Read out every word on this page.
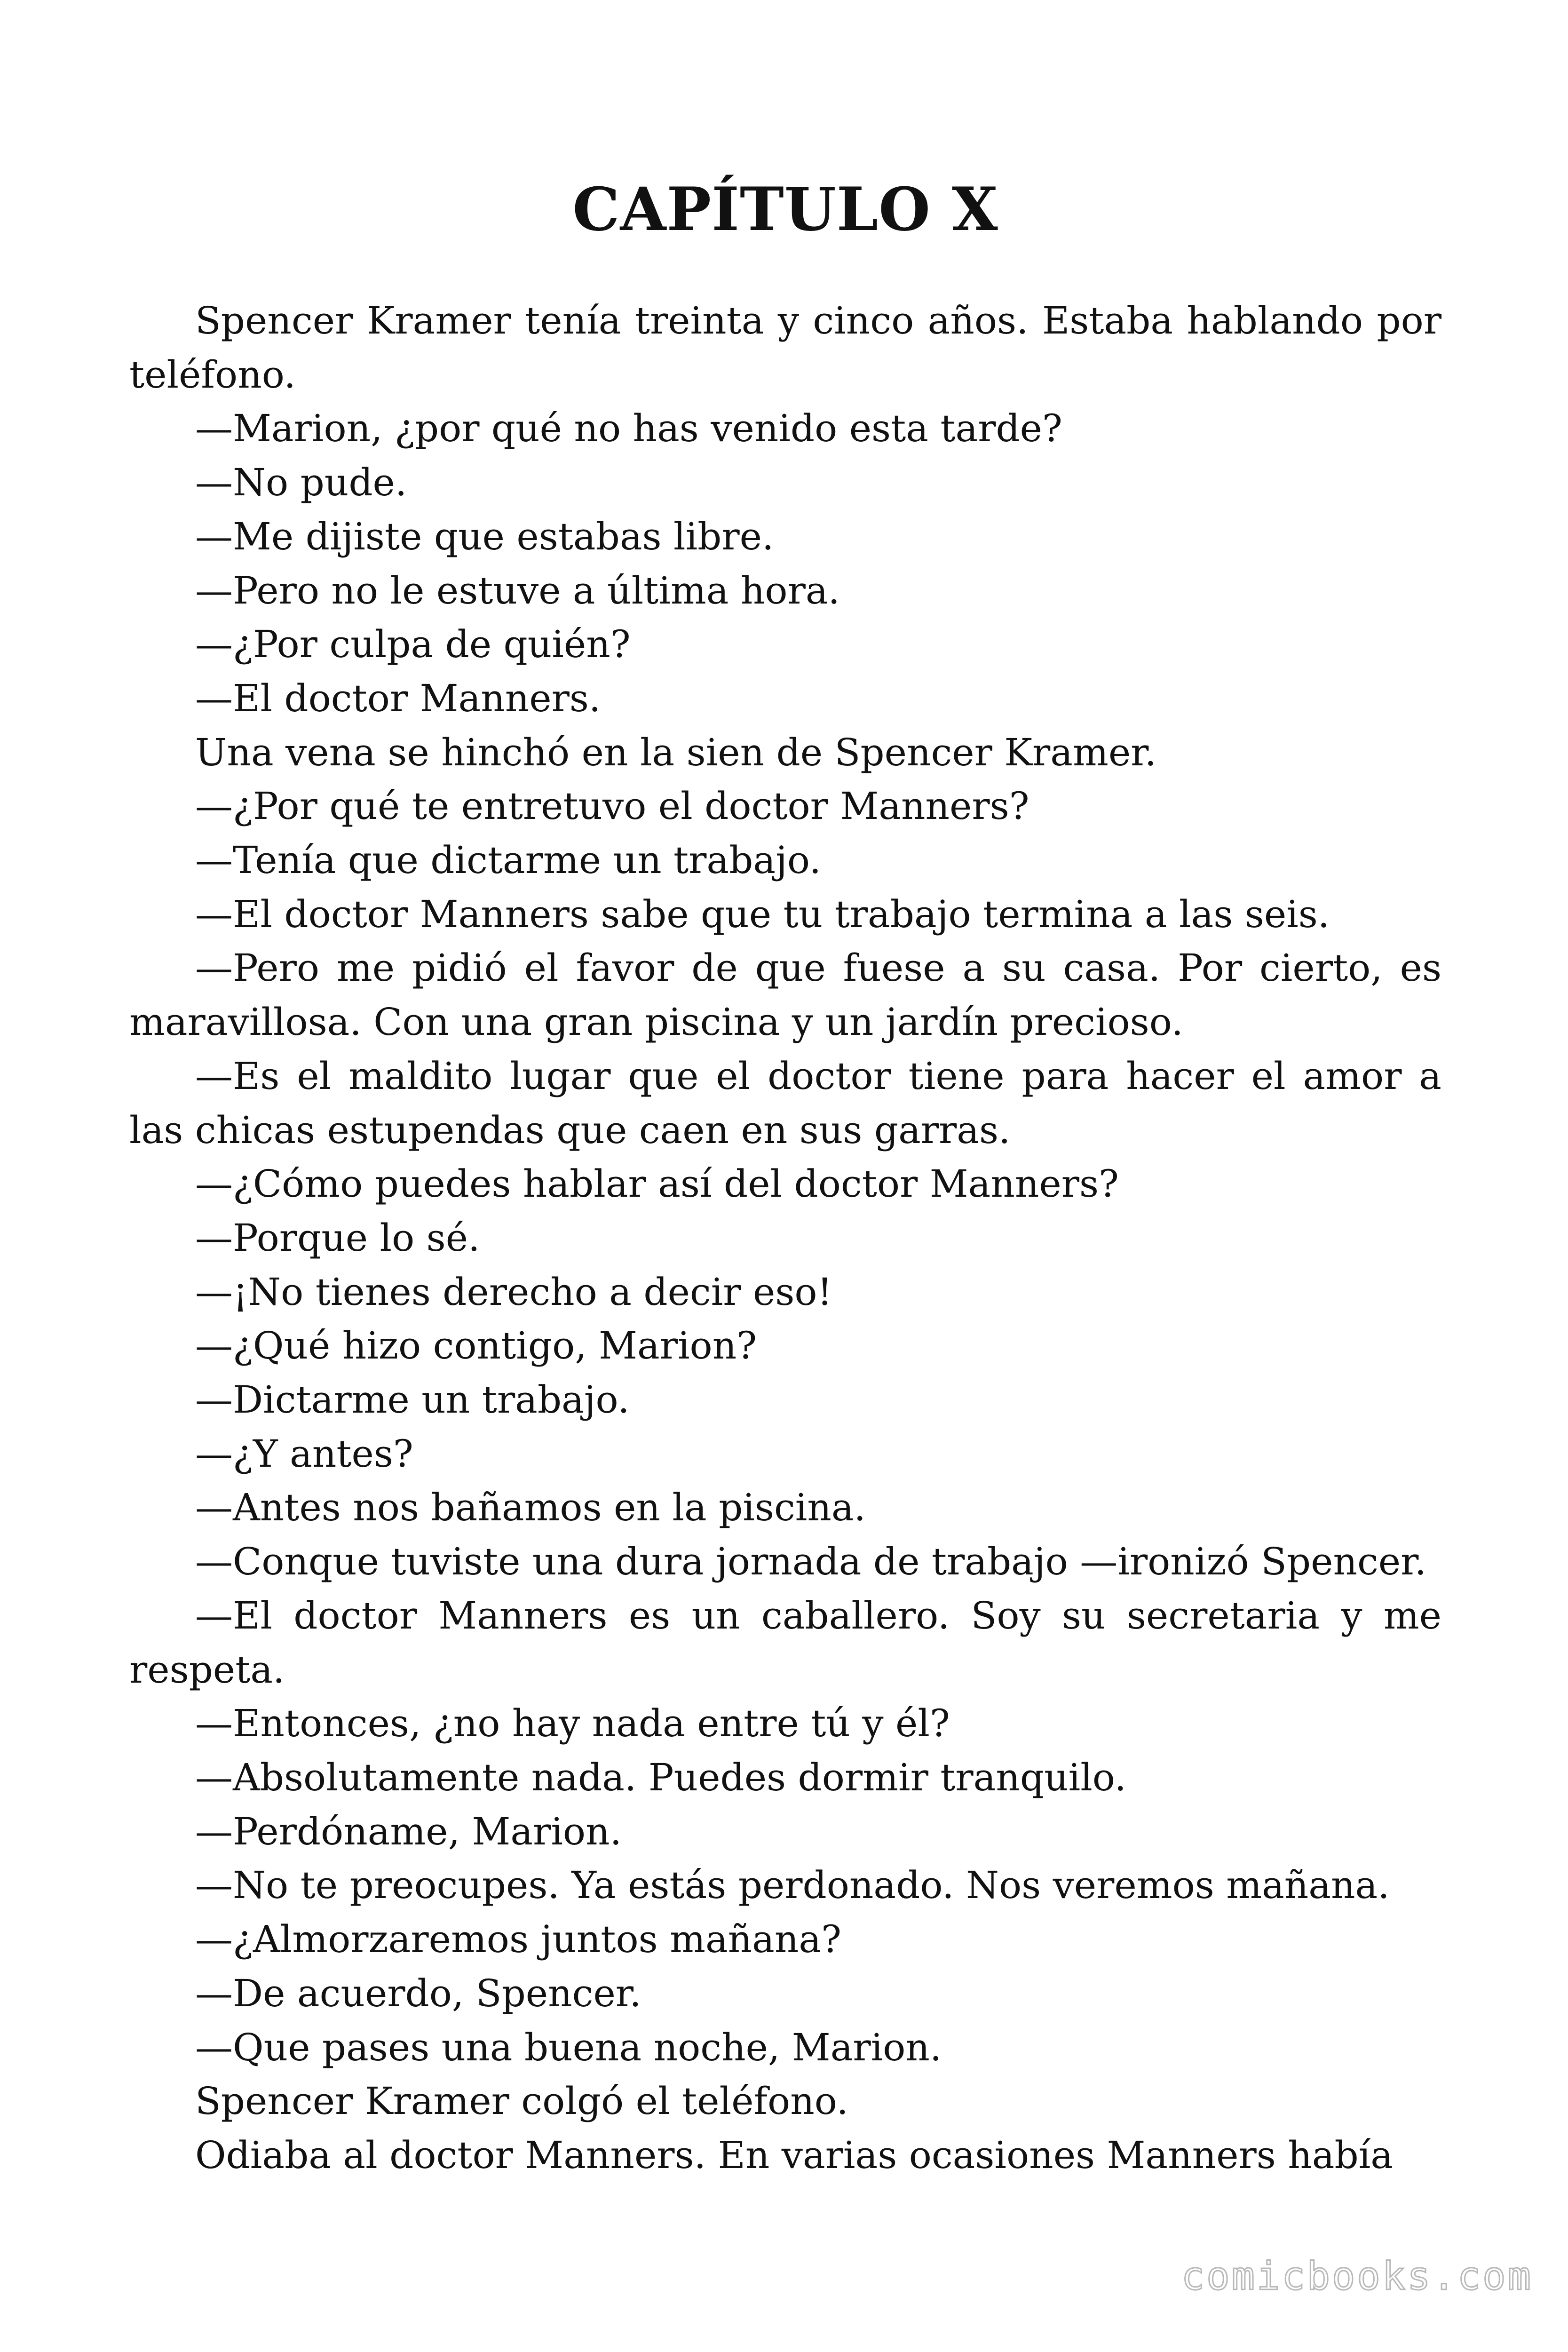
CAPÍTULO X

Spencer Kramer tenía treinta y cinco años. Estaba hablando por teléfono.

—Marion, ¿por qué no has venido esta tarde?

—No pude.

—Me dijiste que estabas libre.

—Pero no le estuve a última hora.

—¿Por culpa de quién?

—El doctor Manners.

Una vena se hinchó en la sien de Spencer Kramer.

—¿Por qué te entretuvo el doctor Manners?

—Tenía que dictarme un trabajo.

—El doctor Manners sabe que tu trabajo termina a las seis.

—Pero me pidió el favor de que fuese a su casa. Por cierto, es maravillosa. Con una gran piscina y un jardín precioso.

—Es el maldito lugar que el doctor tiene para hacer el amor a las chicas estupendas que caen en sus garras.

—¿Cómo puedes hablar así del doctor Manners?

—Porque lo sé.

—¡No tienes derecho a decir eso!

—¿Qué hizo contigo, Marion?

—Dictarme un trabajo.

—¿Y antes?

—Antes nos bañamos en la piscina.

—Conque tuviste una dura jornada de trabajo —ironizó Spencer.

—El doctor Manners es un caballero. Soy su secretaria y me respeta.

—Entonces, ¿no hay nada entre tú y él?

—Absolutamente nada. Puedes dormir tranquilo.

—Perdóname, Marion.

—No te preocupes. Ya estás perdonado. Nos veremos mañana.

—¿Almorzaremos juntos mañana?

—De acuerdo, Spencer.

—Que pases una buena noche, Marion.

Spencer Kramer colgó el teléfono.

Odiaba al doctor Manners. En varias ocasiones Manners había

comicbooks.com
